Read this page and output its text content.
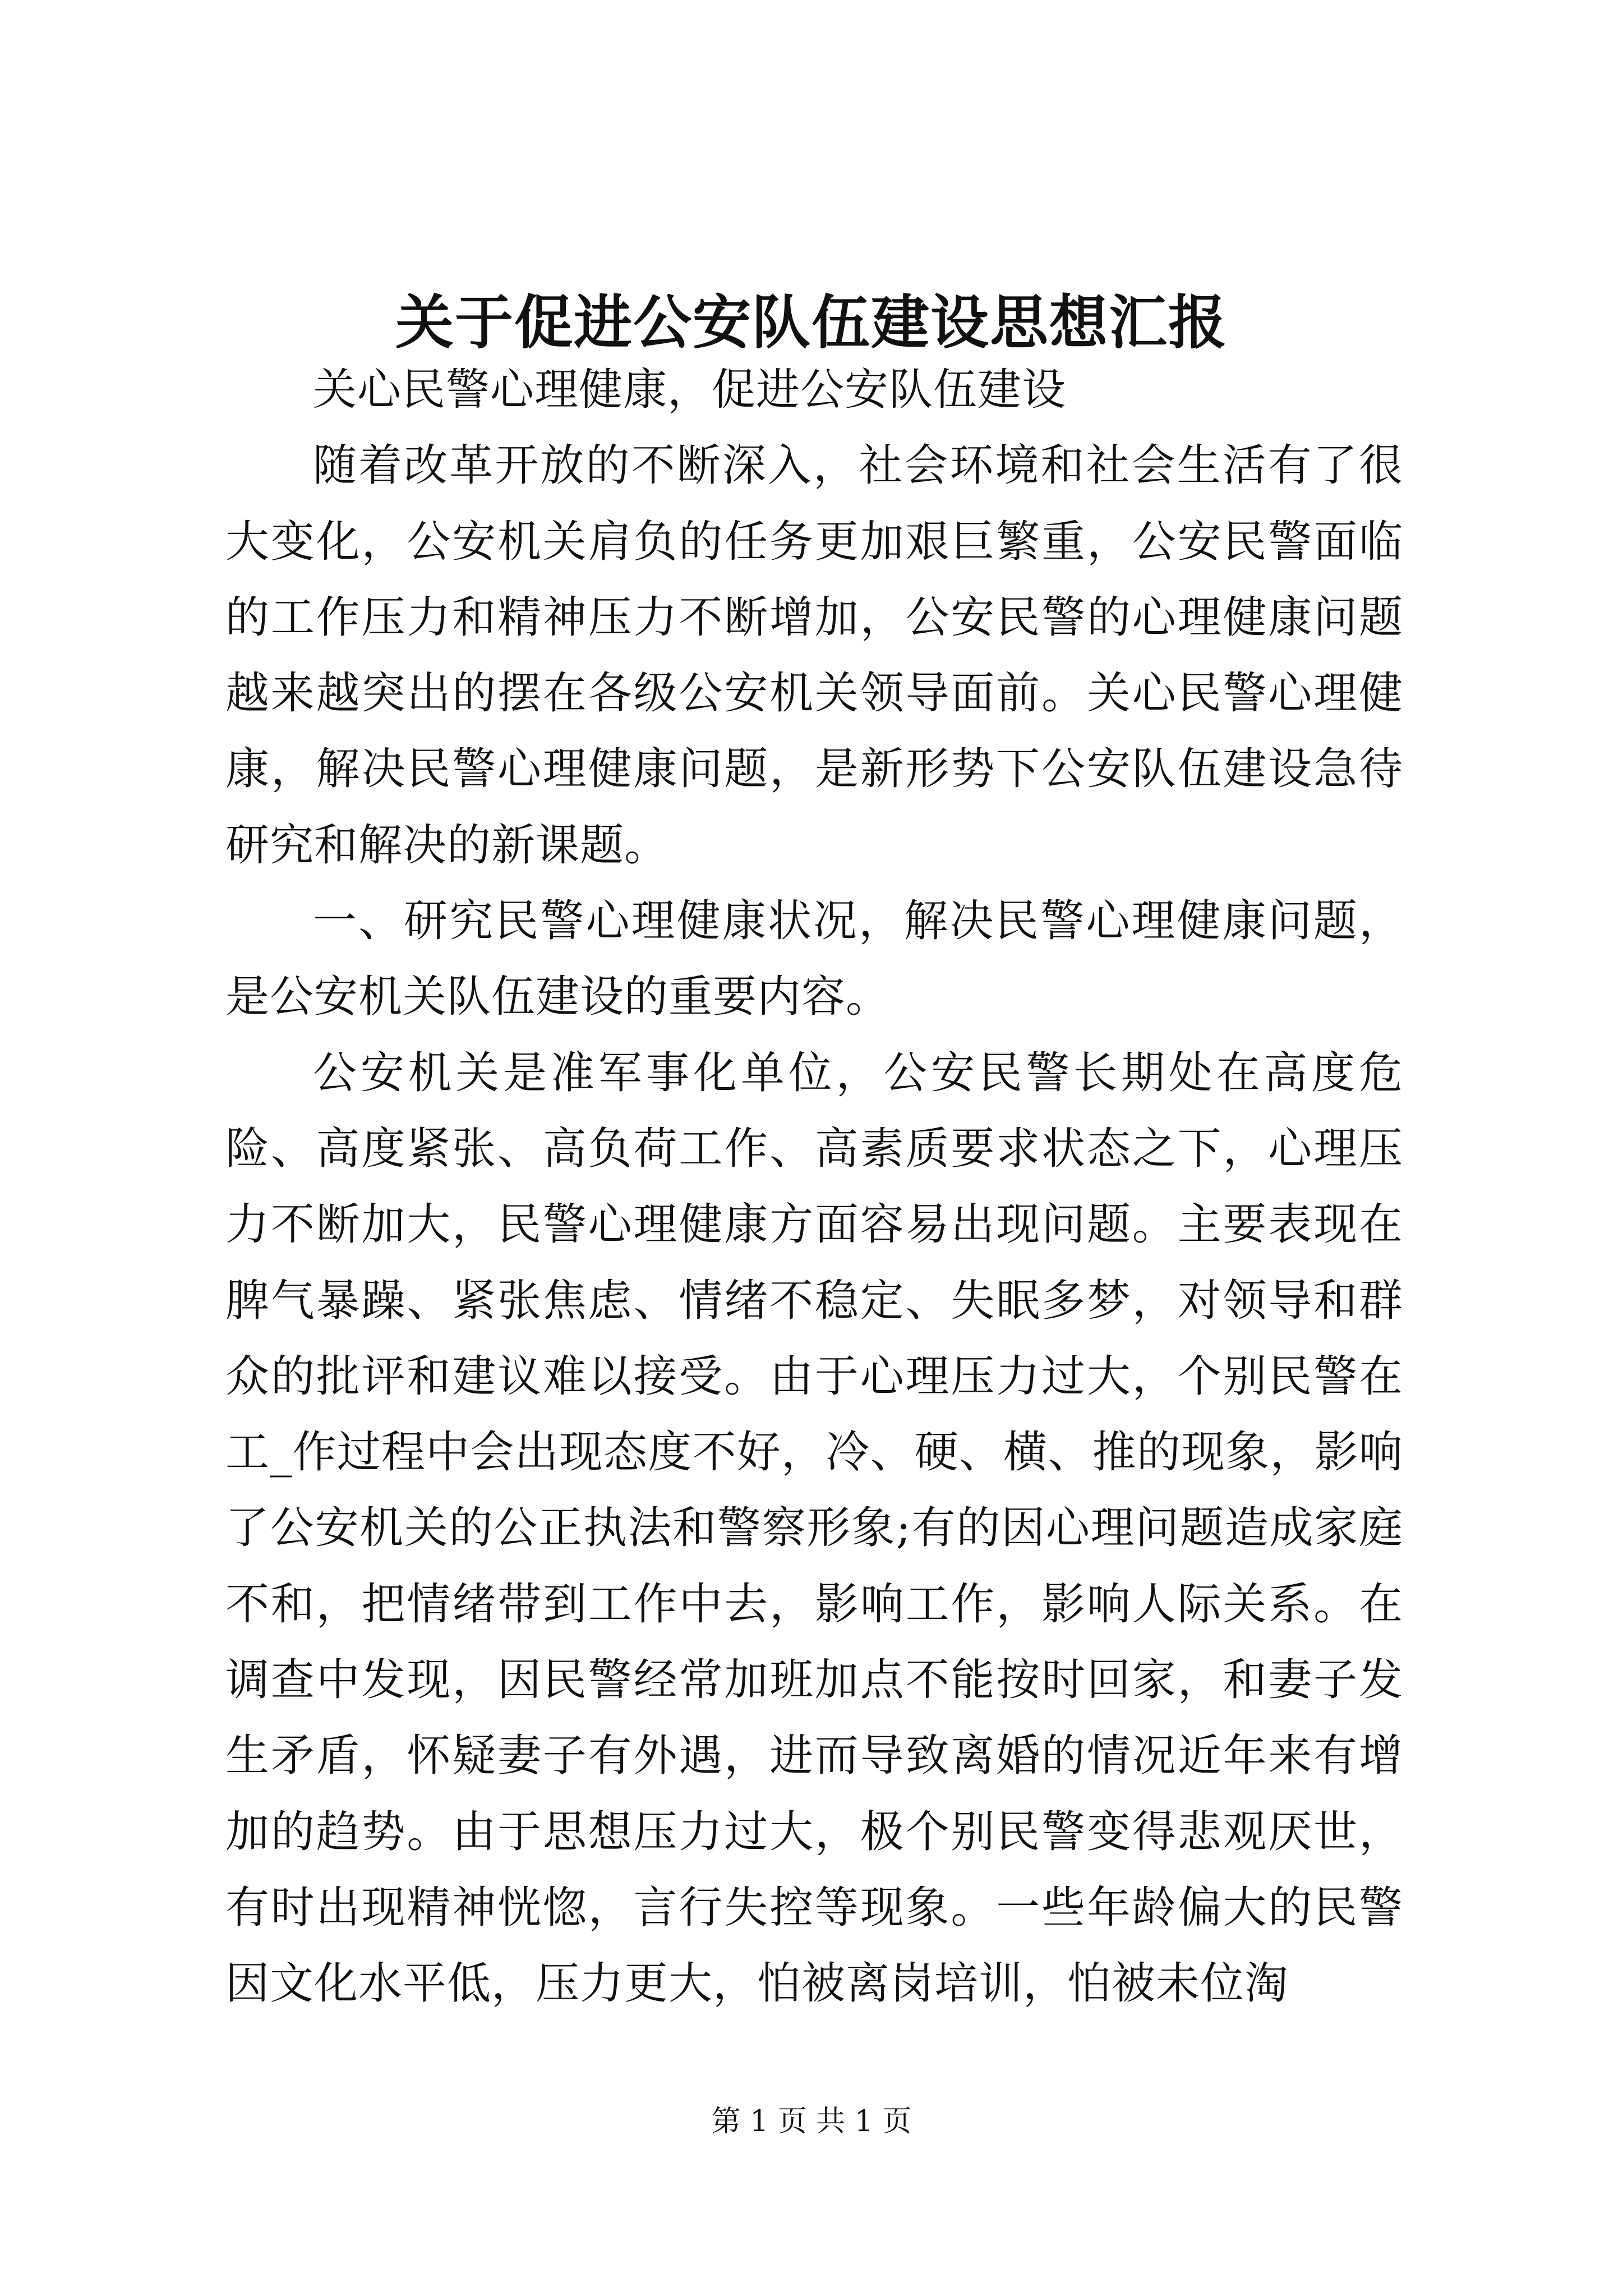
关于促进公安队伍建设思想汇报

关心民警心理健康，促进公安队伍建设

随着改革开放的不断深入，社会环境和社会生活有了很大变化，公安机关肩负的任务更加艰巨繁重，公安民警面临的工作压力和精神压力不断增加，公安民警的心理健康问题越来越突出的摆在各级公安机关领导面前。关心民警心理健康，解决民警心理健康问题，是新形势下公安队伍建设急待研究和解决的新课题。

一、研究民警心理健康状况，解决民警心理健康问题，是公安机关队伍建设的重要内容。

公安机关是准军事化单位，公安民警长期处在高度危险、高度紧张、高负荷工作、高素质要求状态之下，心理压力不断加大，民警心理健康方面容易出现问题。主要表现在脾气暴躁、紧张焦虑、情绪不稳定、失眠多梦，对领导和群众的批评和建议难以接受。由于心理压力过大，个别民警在工_作过程中会出现态度不好，冷、硬、横、推的现象，影响了公安机关的公正执法和警察形象;有的因心理问题造成家庭不和，把情绪带到工作中去，影响工作，影响人际关系。在调查中发现，因民警经常加班加点不能按时回家，和妻子发生矛盾，怀疑妻子有外遇，进而导致离婚的情况近年来有增加的趋势。由于思想压力过大，极个别民警变得悲观厌世，有时出现精神恍惚，言行失控等现象。一些年龄偏大的民警因文化水平低，压力更大，怕被离岗培训，怕被未位淘

第 1 页 共 1 页
